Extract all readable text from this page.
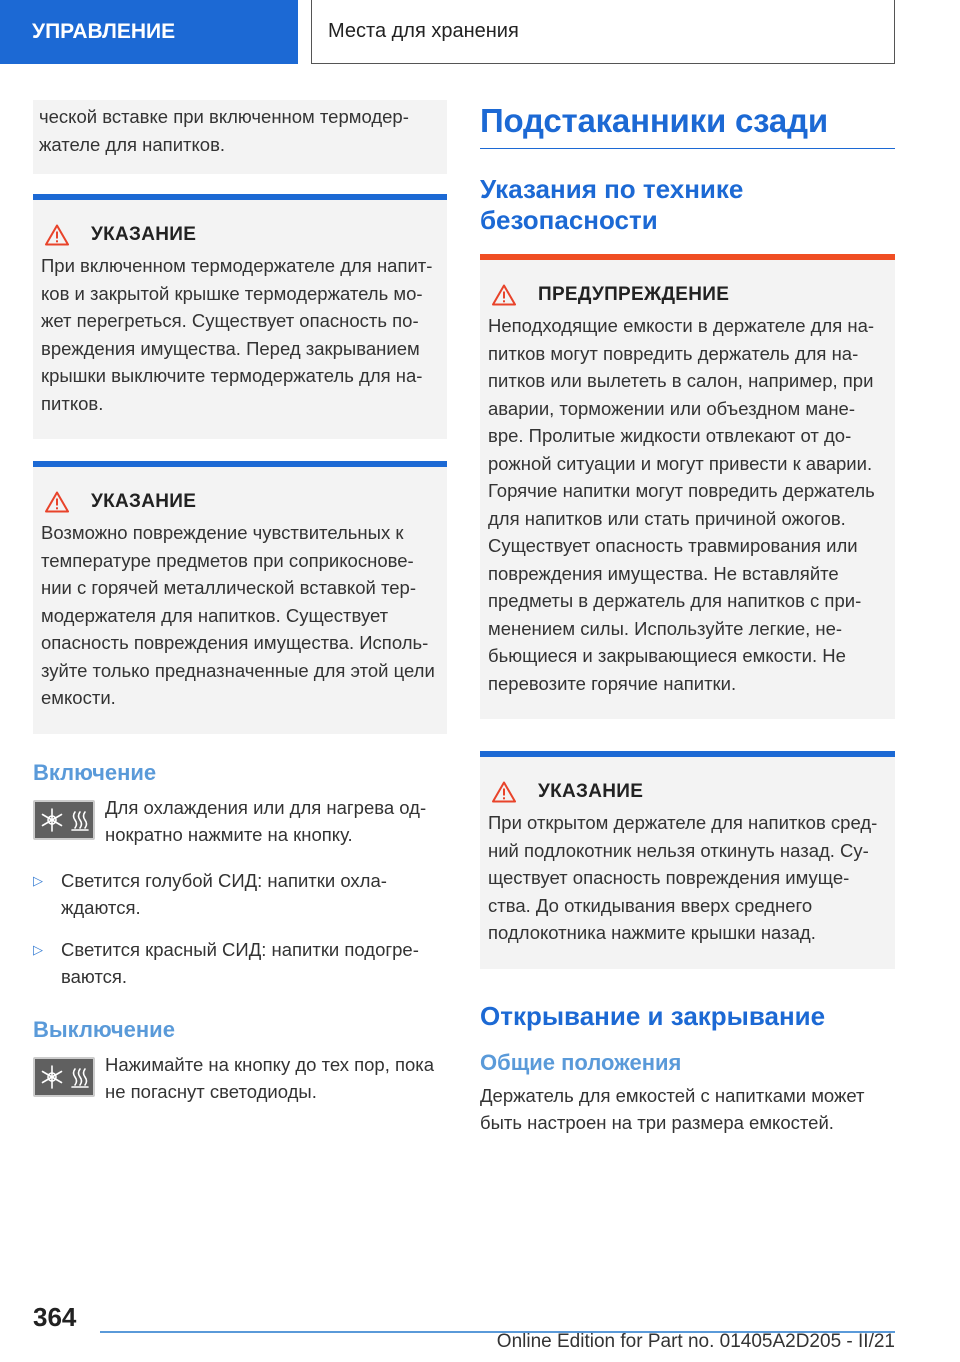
УПРАВЛЕНИЕ	Места для хранения
ческой вставке при включенном термодер-жателе для напитков.
УКАЗАНИЕ
При включенном термодержателе для напит-ков и закрытой крышке термодержатель мо-жет перегреться. Существует опасность по-вреждения имущества. Перед закрыванием крышки выключите термодержатель для на-питков.
УКАЗАНИЕ
Возможно повреждение чувствительных к температуре предметов при соприкоснове-нии с горячей металлической вставкой тер-модержателя для напитков. Существует опасность повреждения имущества. Исполь-зуйте только предназначенные для этой цели емкости.
Включение
Для охлаждения или для нагрева од-нократно нажмите на кнопку.
▷ Светится голубой СИД: напитки охла-ждаются.
▷ Светится красный СИД: напитки подогре-ваются.
Выключение
Нажимайте на кнопку до тех пор, пока не погаснут светодиоды.
Подстаканники сзади
Указания по технике безопасности
ПРЕДУПРЕЖДЕНИЕ
Неподходящие емкости в держателе для на-питков могут повредить держатель для на-питков или вылететь в салон, например, при аварии, торможении или объездном мане-вре. Пролитые жидкости отвлекают от до-рожной ситуации и могут привести к аварии. Горячие напитки могут повредить держатель для напитков или стать причиной ожогов. Существует опасность травмирования или повреждения имущества. Не вставляйте предметы в держатель для напитков с при-менением силы. Используйте легкие, не-бьющиеся и закрывающиеся емкости. Не перевозите горячие напитки.
УКАЗАНИЕ
При открытом держателе для напитков сред-ний подлокотник нельзя откинуть назад. Су-ществует опасность повреждения имуще-ства. До откидывания вверх среднего подлокотника нажмите крышки назад.
Открывание и закрывание
Общие положения
Держатель для емкостей с напитками может быть настроен на три размера емкостей.
364
Online Edition for Part no. 01405A2D205 - II/21
